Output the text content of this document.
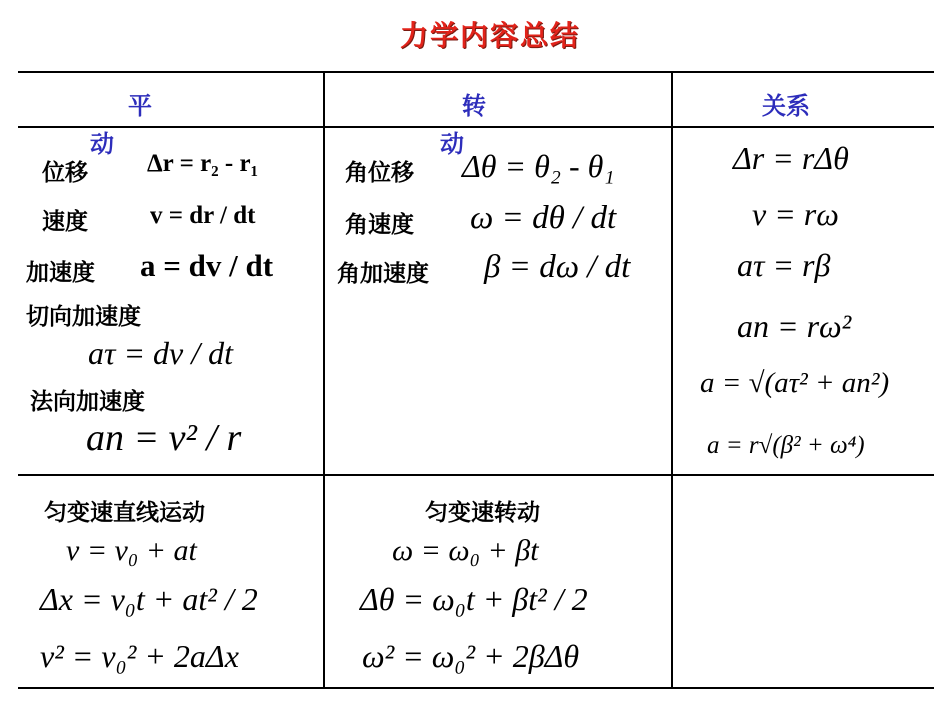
力学内容总结
平
动
转
动
关系
位移 Δr = r₂ - r₁
速度 v = dr / dt
加速度 a = dv / dt
切向加速度
aτ = dv / dt
法向加速度
an = v² / r
角位移 Δθ = θ₂ - θ₁
角速度 ω = dθ / dt
角加速度 β = dω / dt
Δr = rΔθ
v = rω
aτ = rβ
an = rω²
a = √(aτ² + an²)
a = r√(β² + ω⁴)
匀变速直线运动
v = v₀ + at
Δx = v₀t + at² / 2
v² = v₀² + 2aΔx
匀变速转动
ω = ω₀ + βt
Δθ = ω₀t + βt² / 2
ω² = ω₀² + 2βΔθ
